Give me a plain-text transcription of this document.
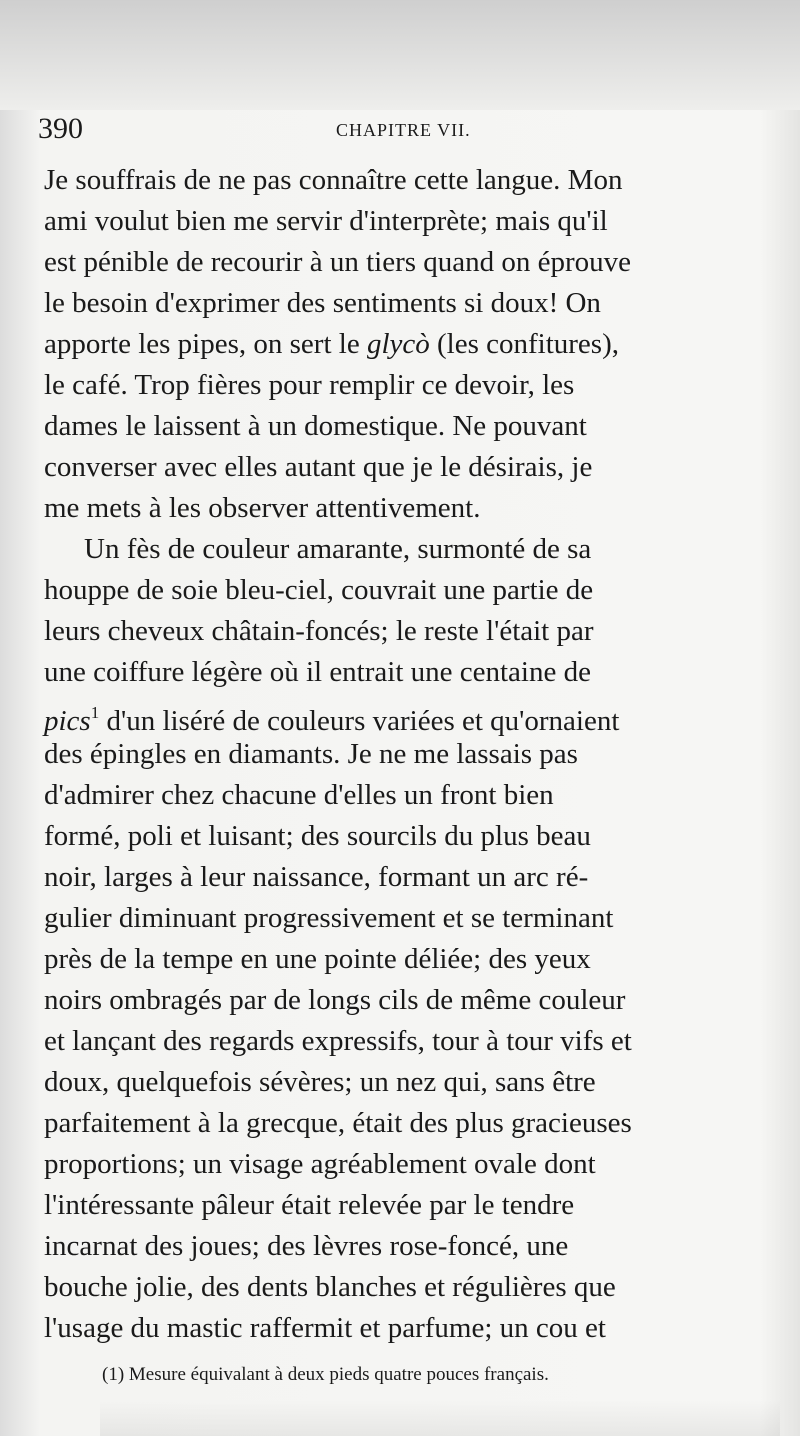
390	CHAPITRE VII.
Je souffrais de ne pas connaître cette langue. Mon
ami voulut bien me servir d'interprète; mais qu'il
est pénible de recourir à un tiers quand on éprouve
le besoin d'exprimer des sentiments si doux! On
apporte les pipes, on sert le glycò (les confitures),
le café. Trop fières pour remplir ce devoir, les
dames le laissent à un domestique. Ne pouvant
converser avec elles autant que je le désirais, je
me mets à les observer attentivement.
Un fès de couleur amarante, surmonté de sa
houppe de soie bleu-ciel, couvrait une partie de
leurs cheveux châtain-foncés; le reste l'était par
une coiffure légère où il entrait une centaine de
pics$^1$ d'un liséré de couleurs variées et qu'ornaient
des épingles en diamants. Je ne me lassais pas
d'admirer chez chacune d'elles un front bien
formé, poli et luisant; des sourcils du plus beau
noir, larges à leur naissance, formant un arc ré-
gulier diminuant progressivement et se terminant
près de la tempe en une pointe déliée; des yeux
noirs ombragés par de longs cils de même couleur
et lançant des regards expressifs, tour à tour vifs et
doux, quelquefois sévères; un nez qui, sans être
parfaitement à la grecque, était des plus gracieuses
proportions; un visage agréablement ovale dont
l'intéressante pâleur était relevée par le tendre
incarnat des joues; des lèvres rose-foncé, une
bouche jolie, des dents blanches et régulières que
l'usage du mastic raffermit et parfume; un cou et
(1) Mesure équivalant à deux pieds quatre pouces français.
